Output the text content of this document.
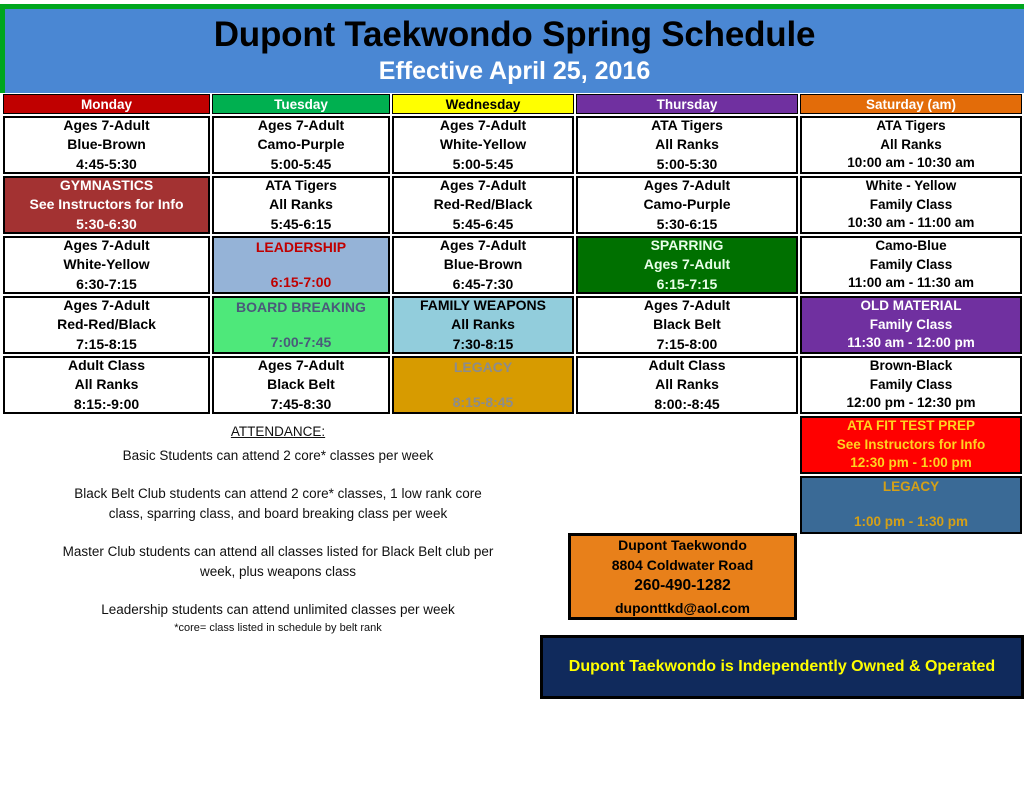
Dupont Taekwondo Spring Schedule
Effective April 25, 2016
Monday
Ages 7-Adult
Blue-Brown
4:45-5:30
GYMNASTICS
See Instructors for Info
5:30-6:30
Ages 7-Adult
White-Yellow
6:30-7:15
Ages 7-Adult
Red-Red/Black
7:15-8:15
Adult Class
All Ranks
8:15:-9:00
Tuesday
Ages 7-Adult
Camo-Purple
5:00-5:45
ATA Tigers
All Ranks
5:45-6:15
LEADERSHIP
6:15-7:00
BOARD BREAKING
7:00-7:45
Ages 7-Adult
Black Belt
7:45-8:30
Wednesday
Ages 7-Adult
White-Yellow
5:00-5:45
Ages 7-Adult
Red-Red/Black
5:45-6:45
Ages 7-Adult
Blue-Brown
6:45-7:30
FAMILY WEAPONS
All Ranks
7:30-8:15
LEGACY
8:15-8:45
Thursday
ATA Tigers
All Ranks
5:00-5:30
Ages 7-Adult
Camo-Purple
5:30-6:15
SPARRING
Ages 7-Adult
6:15-7:15
Ages 7-Adult
Black Belt
7:15-8:00
Adult Class
All Ranks
8:00:-8:45
Saturday (am)
ATA Tigers
All Ranks
10:00 am - 10:30 am
White - Yellow
Family Class
10:30 am - 11:00 am
Camo-Blue
Family Class
11:00 am - 11:30 am
OLD MATERIAL
Family Class
11:30 am - 12:00 pm
Brown-Black
Family Class
12:00 pm - 12:30 pm
ATA FIT TEST PREP
See Instructors for Info
12:30 pm - 1:00 pm
LEGACY
1:00 pm - 1:30 pm
ATTENDANCE:

Basic Students can attend 2 core* classes per week

Black Belt Club students can attend 2 core* classes, 1 low rank core

class, sparring class, and board breaking class per week

Master Club students can attend all classes listed for Black Belt club per

week, plus weapons class

Leadership students can attend unlimited classes per week

*core= class listed in schedule by belt rank
Dupont Taekwondo
8804 Coldwater Road
260-490-1282
duponttkd@aol.com
Dupont Taekwondo is Independently Owned & Operated
